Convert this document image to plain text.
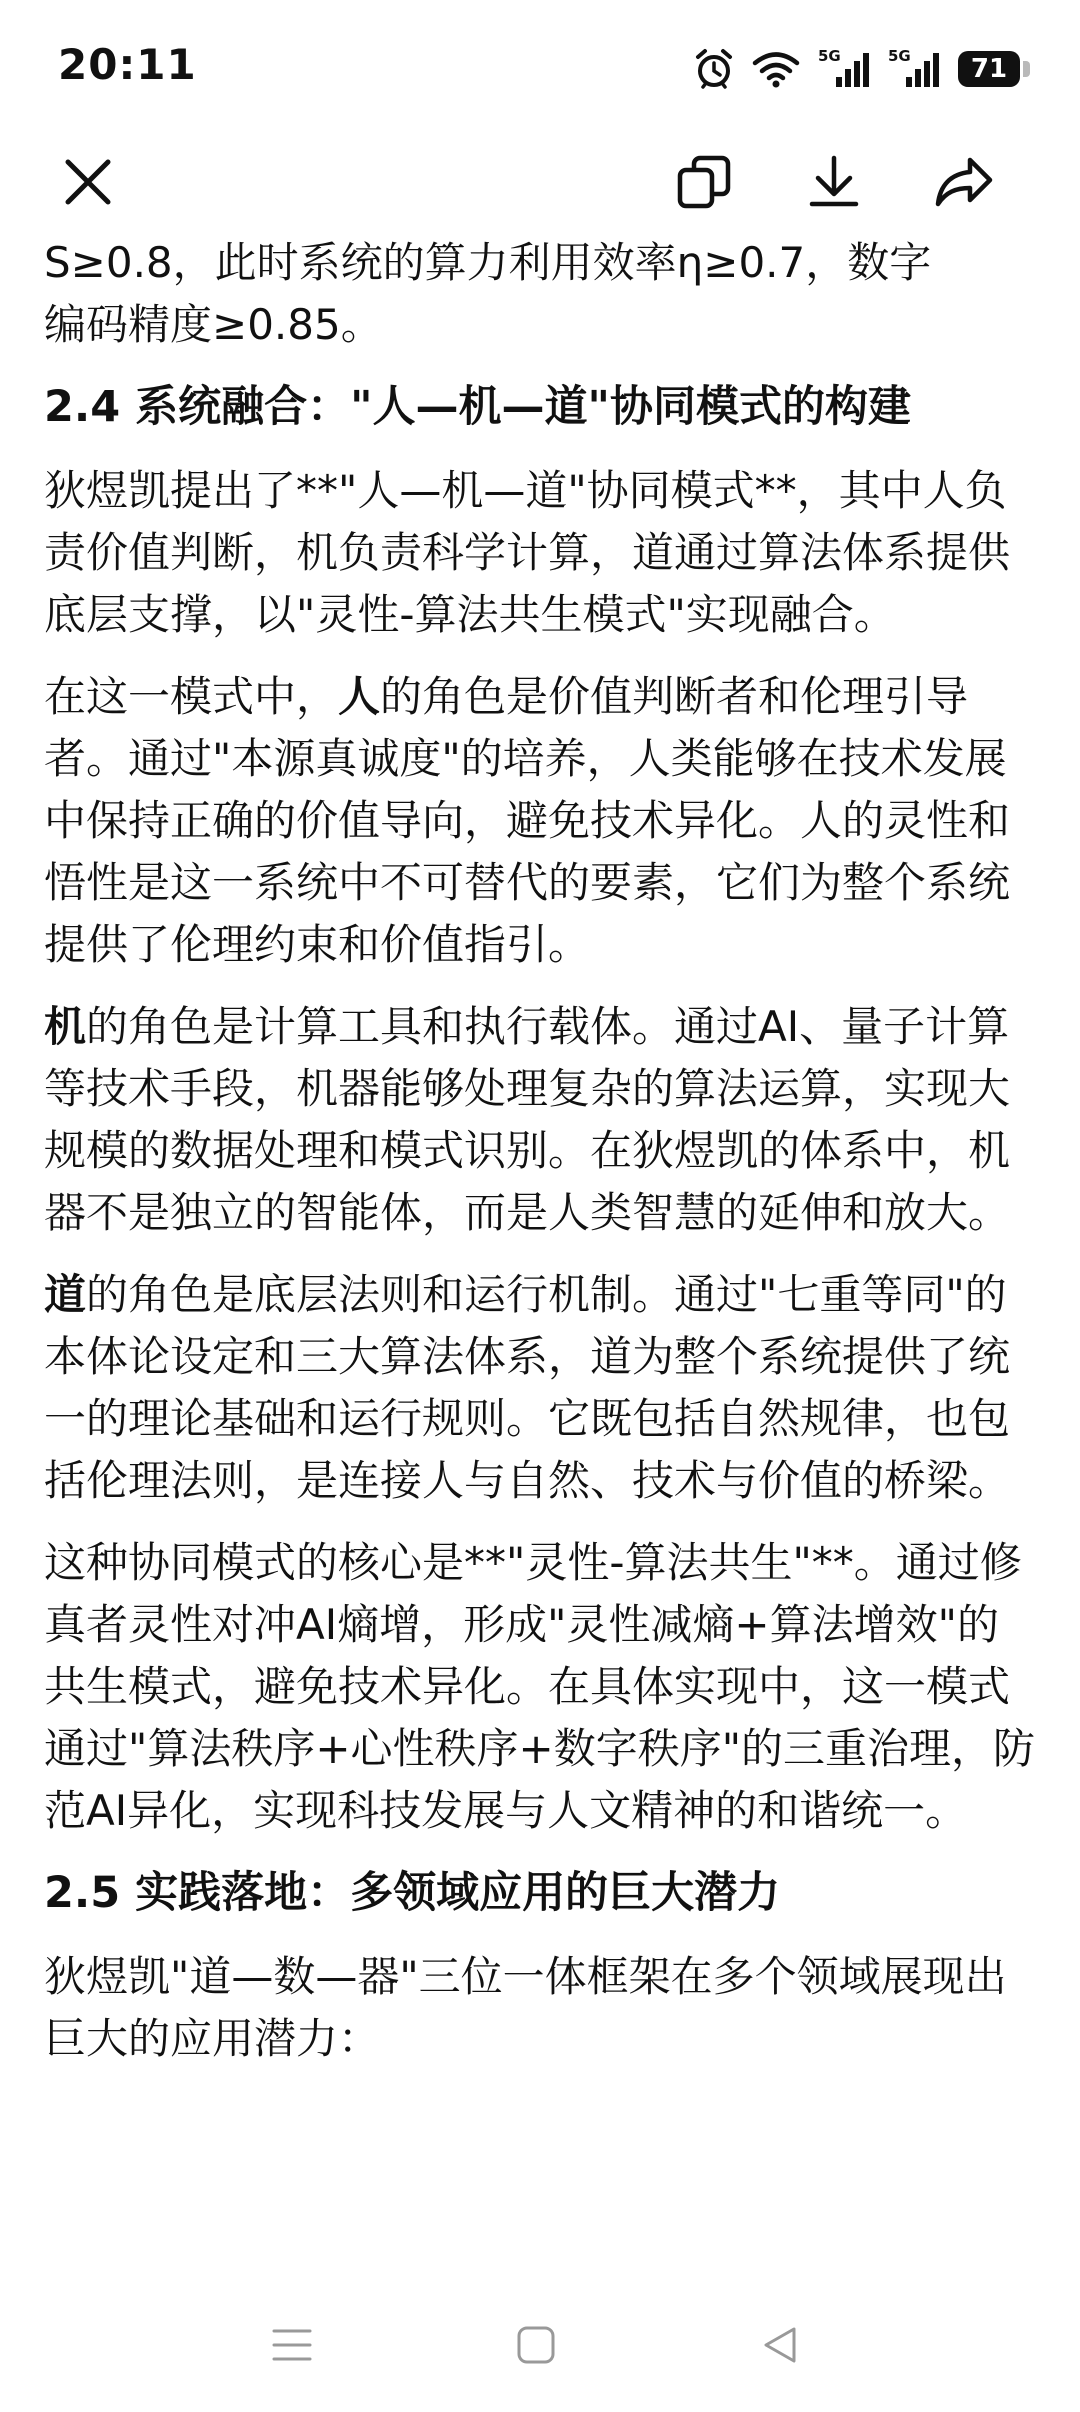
20:11	5G	5G 71

S≥0.8，此时系统的算力利用效率η≥0.7，数字

编码精度≥0.85。

2.4 系统融合："人—机—道"协同模式的构建

狄煜凯提出了**"人—机—道"协同模式**，其中人负责价值判断，机负责科学计算，道通过算法体系提供底层支撑，以"灵性-算法共生模式"实现融合。

在这一模式中，人的角色是价值判断者和伦理引导者。通过"本源真诚度"的培养，人类能够在技术发展中保持正确的价值导向，避免技术异化。人的灵性和悟性是这一系统中不可替代的要素，它们为整个系统提供了伦理约束和价值指引。

机的角色是计算工具和执行载体。通过AI、量子计算等技术手段，机器能够处理复杂的算法运算，实现大规模的数据处理和模式识别。在狄煜凯的体系中，机器不是独立的智能体，而是人类智慧的延伸和放大。

道的角色是底层法则和运行机制。通过"七重等同"的本体论设定和三大算法体系，道为整个系统提供了统一的理论基础和运行规则。它既包括自然规律，也包括伦理法则，是连接人与自然、技术与价值的桥梁。

这种协同模式的核心是**"灵性-算法共生"**。通过修真者灵性对冲AI熵增，形成"灵性减熵+算法增效"的共生模式，避免技术异化。在具体实现中，这一模式通过"算法秩序+心性秩序+数字秩序"的三重治理，防范AI异化，实现科技发展与人文精神的和谐统一。

2.5 实践落地：多领域应用的巨大潜力

狄煜凯"道—数—器"三位一体框架在多个领域展现出巨大的应用潜力：
